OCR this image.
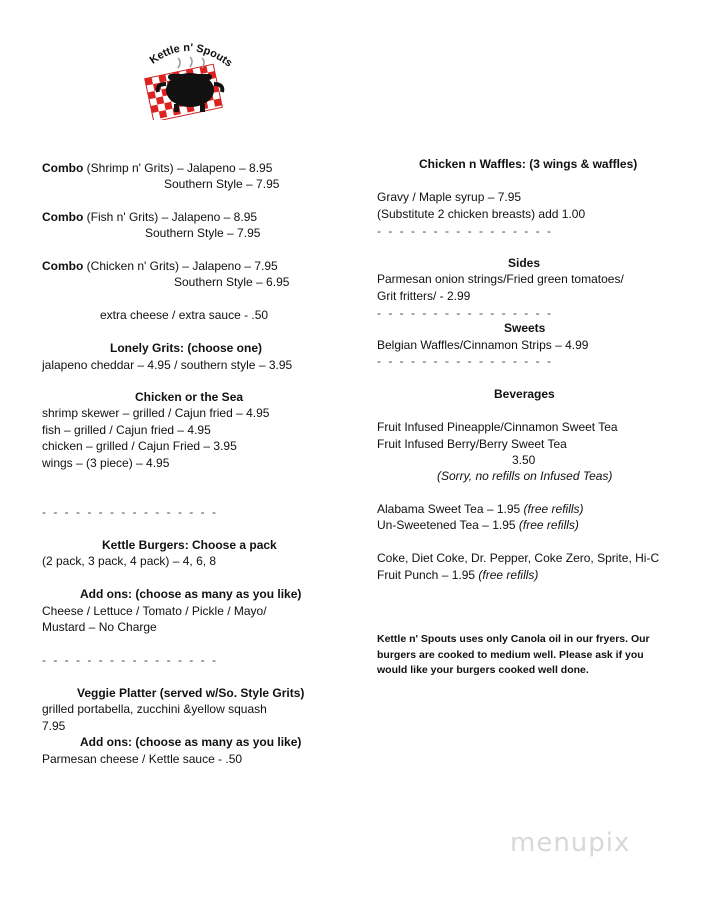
Kettle n' Spouts
Combo (Shrimp n' Grits) – Jalapeno – 8.95
Southern Style – 7.95
Combo (Fish n' Grits) – Jalapeno – 8.95
Southern Style – 7.95
Combo (Chicken n' Grits) – Jalapeno – 7.95
Southern Style – 6.95
extra cheese / extra sauce - .50
Lonely Grits: (choose one)
jalapeno cheddar – 4.95 / southern style – 3.95
Chicken or the Sea
shrimp skewer – grilled / Cajun fried – 4.95
fish – grilled / Cajun fried – 4.95
chicken – grilled / Cajun Fried – 3.95
wings – (3 piece) – 4.95
- - - - - - - - - - - - - - - -
Kettle Burgers: Choose a pack
(2 pack, 3 pack, 4 pack) – 4, 6, 8
Add ons: (choose as many as you like)
Cheese / Lettuce / Tomato / Pickle / Mayo/
Mustard – No Charge
- - - - - - - - - - - - - - - -
Veggie Platter (served w/So. Style Grits)
grilled portabella, zucchini &yellow squash
7.95
Add ons: (choose as many as you like)
Parmesan cheese / Kettle sauce - .50
Chicken n Waffles: (3 wings & waffles)
Gravy / Maple syrup – 7.95
(Substitute 2 chicken breasts) add 1.00
- - - - - - - - - - - - - - - -
Sides
Parmesan onion strings/Fried green tomatoes/
Grit fritters/ - 2.99
- - - - - - - - - - - - - - - -
Sweets
Belgian Waffles/Cinnamon Strips – 4.99
- - - - - - - - - - - - - - - -
Beverages
Fruit Infused Pineapple/Cinnamon Sweet Tea
Fruit Infused Berry/Berry Sweet Tea
3.50
(Sorry, no refills on Infused Teas)
Alabama Sweet Tea – 1.95 (free refills)
Un-Sweetened Tea – 1.95 (free refills)
Coke, Diet Coke, Dr. Pepper, Coke Zero, Sprite, Hi-C
Fruit Punch – 1.95 (free refills)
Kettle n' Spouts uses only Canola oil in our fryers. Our burgers are cooked to medium well. Please ask if you would like your burgers cooked well done.
menupix
